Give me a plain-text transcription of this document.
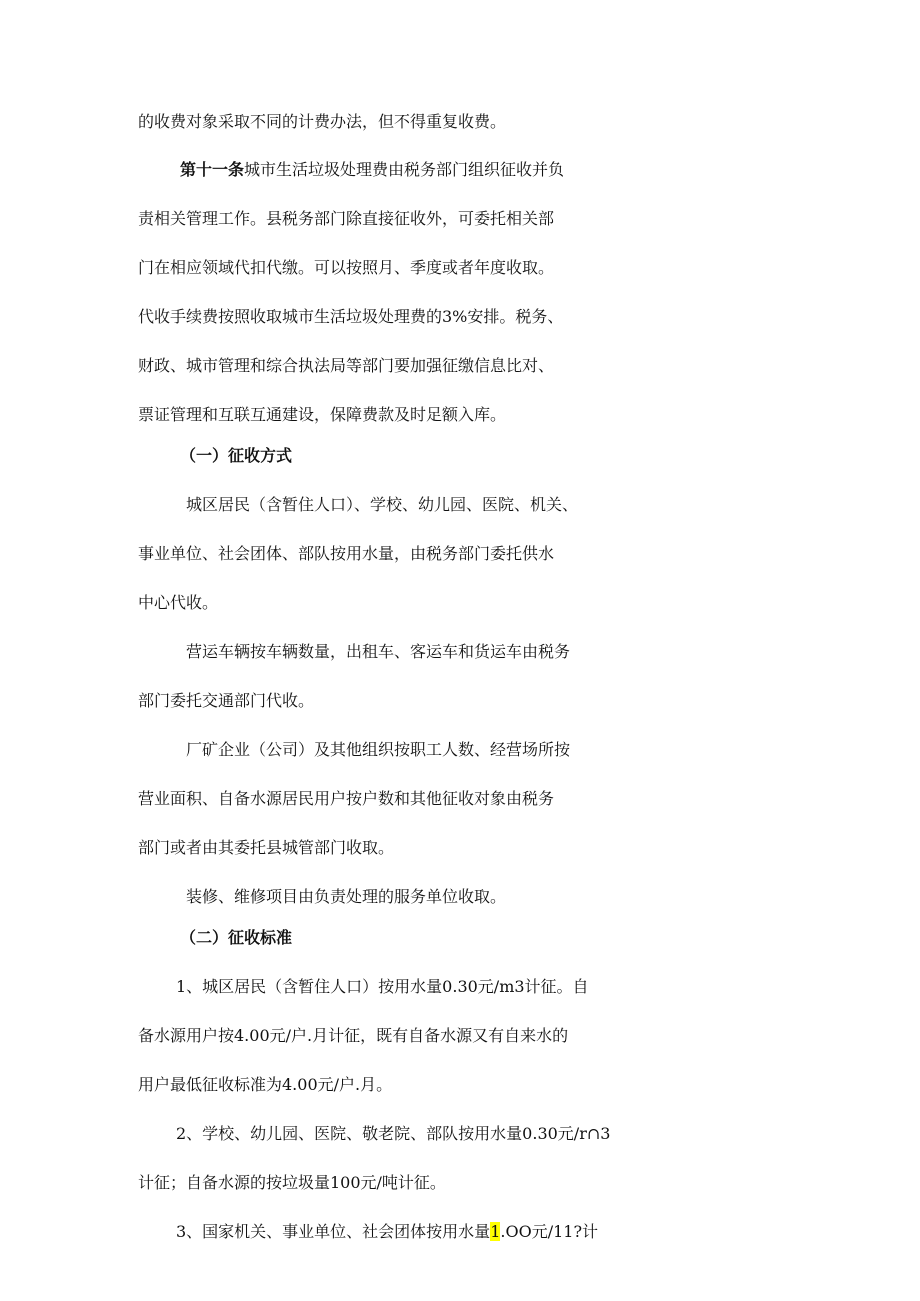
的收费对象采取不同的计费办法，但不得重复收费。
第十一条城市生活垃圾处理费由税务部门组织征收并负
责相关管理工作。县税务部门除直接征收外，可委托相关部
门在相应领域代扣代缴。可以按照月、季度或者年度收取。
代收手续费按照收取城市生活垃圾处理费的3%安排。税务、
财政、城市管理和综合执法局等部门要加强征缴信息比对、
票证管理和互联互通建设，保障费款及时足额入库。
（一）征收方式
城区居民（含暂住人口）、学校、幼儿园、医院、机关、
事业单位、社会团体、部队按用水量，由税务部门委托供水
中心代收。
营运车辆按车辆数量，出租车、客运车和货运车由税务
部门委托交通部门代收。
厂矿企业（公司）及其他组织按职工人数、经营场所按
营业面积、自备水源居民用户按户数和其他征收对象由税务
部门或者由其委托县城管部门收取。
装修、维修项目由负责处理的服务单位收取。
（二）征收标准
1、城区居民（含暂住人口）按用水量0.30元/m3计征。自
备水源用户按4.00元/户.月计征，既有自备水源又有自来水的
用户最低征收标准为4.00元/户.月。
2、学校、幼儿园、医院、敬老院、部队按用水量0.30元/r∩3
计征；自备水源的按垃圾量100元/吨计征。
3、国家机关、事业单位、社会团体按用水量1.OO元/11?计
